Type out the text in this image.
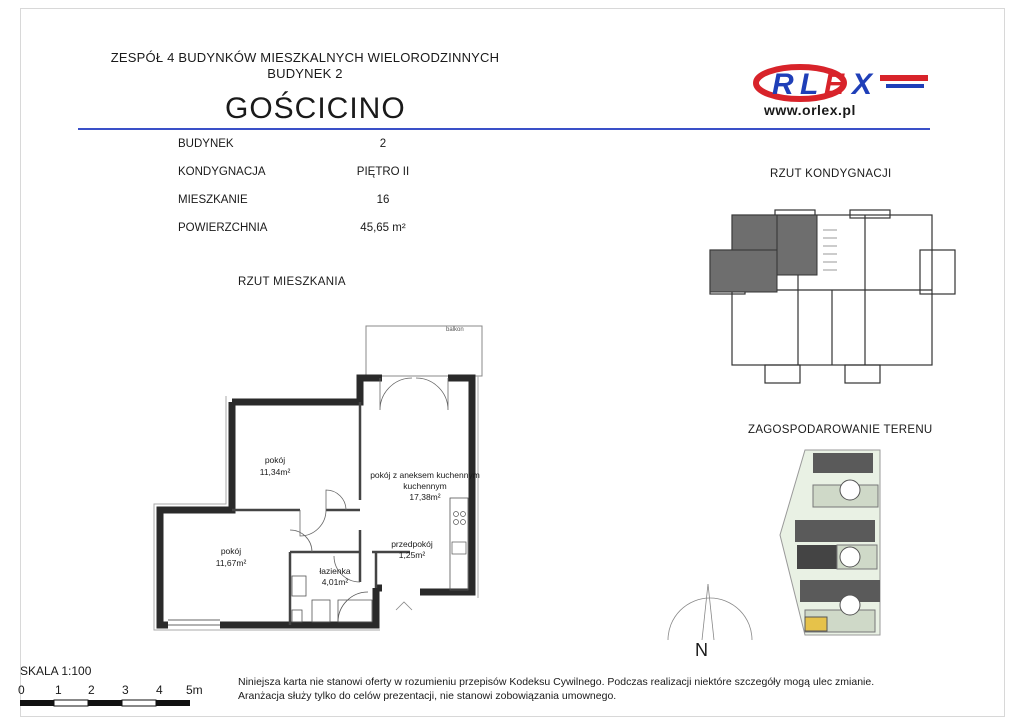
ZESPÓŁ 4 BUDYNKÓW MIESZKALNYCH WIELORODZINNYCH
BUDYNEK 2
GOŚCICINO
R L E X
www.orlex.pl
BUDYNEK	2
KONDYGNACJA	PIĘTRO II
MIESZKANIE	16
POWIERZCHNIA	45,65 m²
RZUT MIESZKANIA
RZUT KONDYGNACJI
ZAGOSPODAROWANIE TERENU
pokój
11,34m²	pokój z aneksem kuchennym
kuchennym
17,38m²
pokój
11,67m²
przedpokój
1,25m²
łazienka
4,01m²
balkon
N
SKALA 1:100
0	1 2 3 4 5m
Niniejsza karta nie stanowi oferty w rozumieniu przepisów Kodeksu Cywilnego. Podczas realizacji niektóre szczegóły mogą ulec zmianie.
Aranżacja służy tylko do celów prezentacji, nie stanowi zobowiązania umownego.
